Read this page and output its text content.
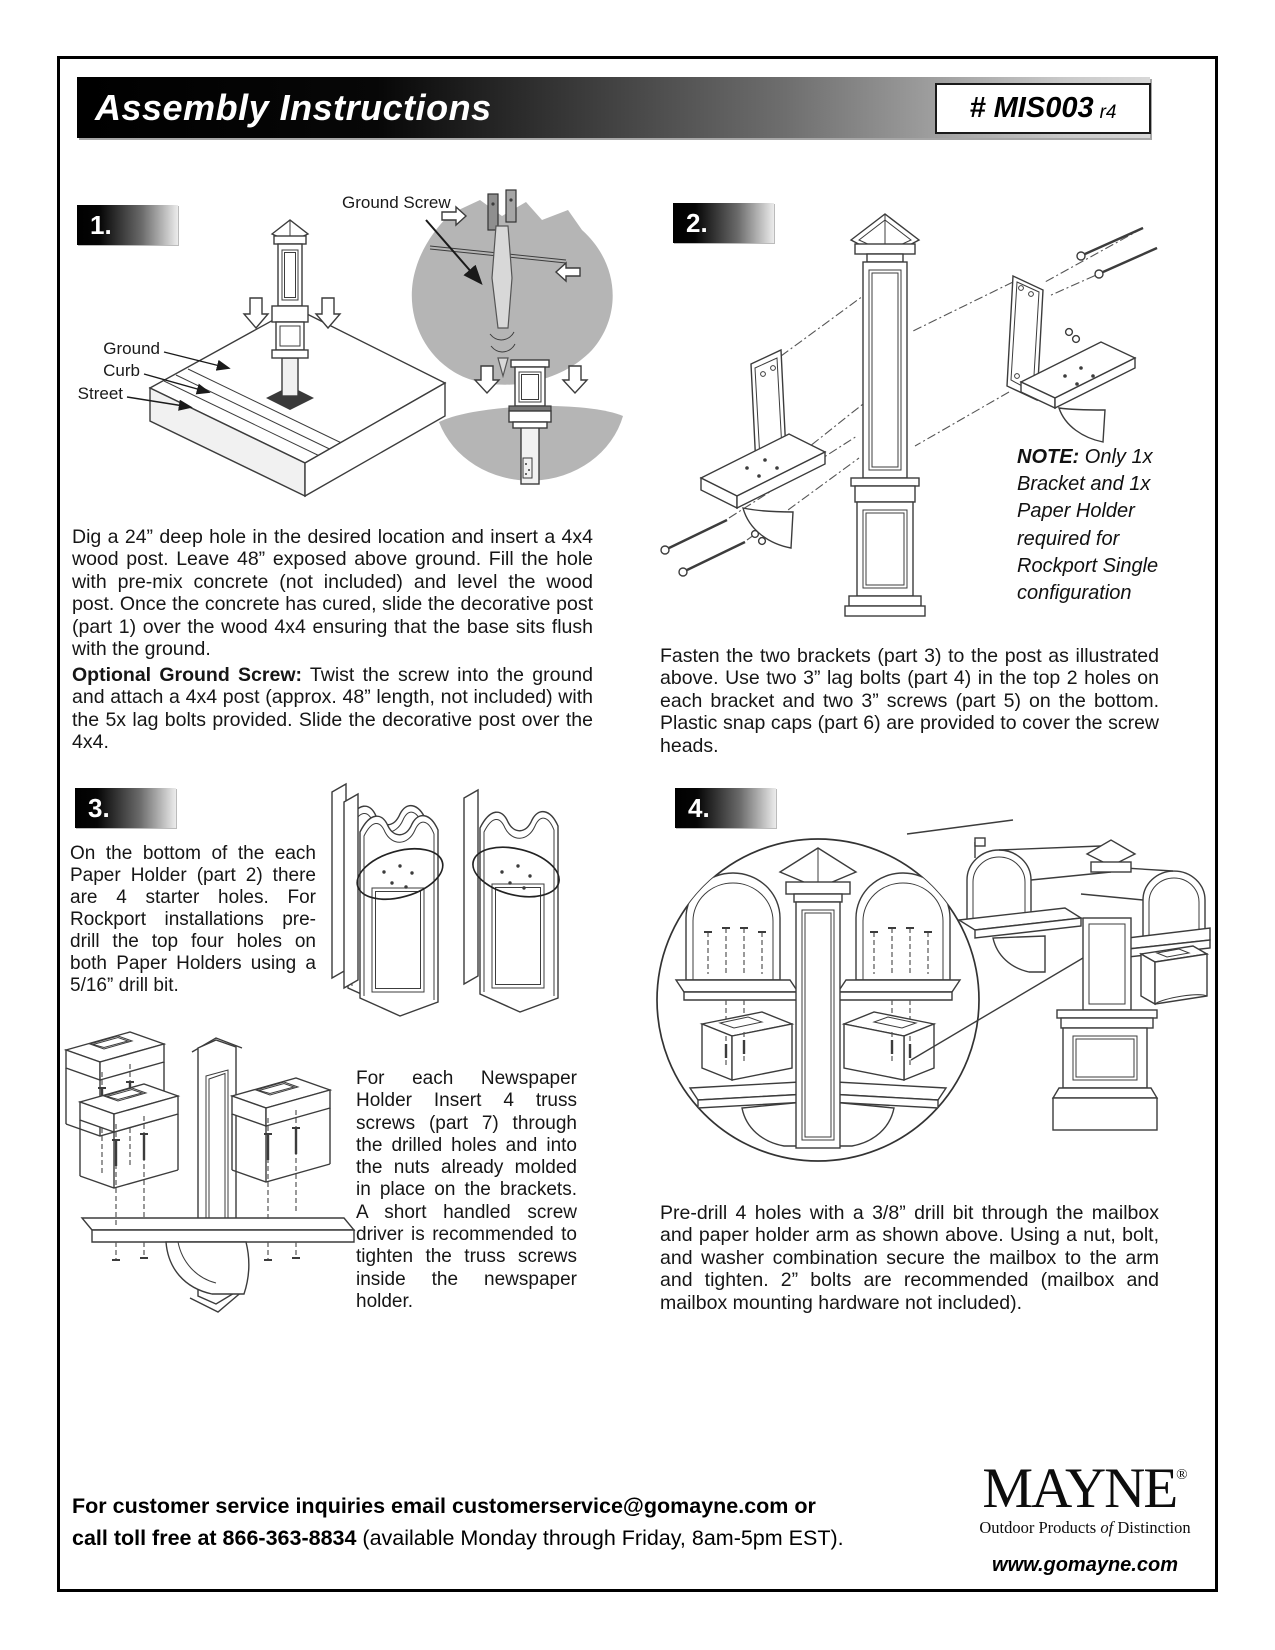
Assembly Instructions	# MIS003 r4
1.
Ground
Curb
Street
Ground Screw
Dig a 24” deep hole in the desired location and insert a 4x4 wood post. Leave 48” exposed above ground. Fill the hole with pre-mix concrete (not included) and level the wood post. Once the concrete has cured, slide the decorative post (part 1) over the wood 4x4 ensuring that the base sits flush with the ground.
Optional Ground Screw: Twist the screw into the ground and attach a 4x4 post (approx. 48” length, not included) with the 5x lag bolts provided. Slide the decorative post over the 4x4.
2.
NOTE: Only 1x Bracket and 1x Paper Holder required for Rockport Single configuration
Fasten the two brackets (part 3) to the post as illustrated above. Use two 3” lag bolts (part 4) in the top 2 holes on each bracket and two 3” screws (part 5) on the bottom. Plastic snap caps (part 6) are provided to cover the screw heads.
3.
On the bottom of the each Paper Holder (part 2) there are 4 starter holes. For Rockport installations pre-drill the top four holes on both Paper Holders using a 5/16” drill bit.
For each Newspaper Holder Insert 4 truss screws (part 7) through the drilled holes and into the nuts already molded in place on the brackets. A short handled screw driver is recommended to tighten the truss screws inside the newspaper holder.
4.
Pre-drill 4 holes with a 3/8” drill bit through the mailbox and paper holder arm as shown above. Using a nut, bolt, and washer combination secure the mailbox to the arm and tighten. 2” bolts are recommended (mailbox and mailbox mounting hardware not included).
For customer service inquiries email customerservice@gomayne.com or
call toll free at 866-363-8834 (available Monday through Friday, 8am-5pm EST).
MAYNE®
Outdoor Products of Distinction
www.gomayne.com
